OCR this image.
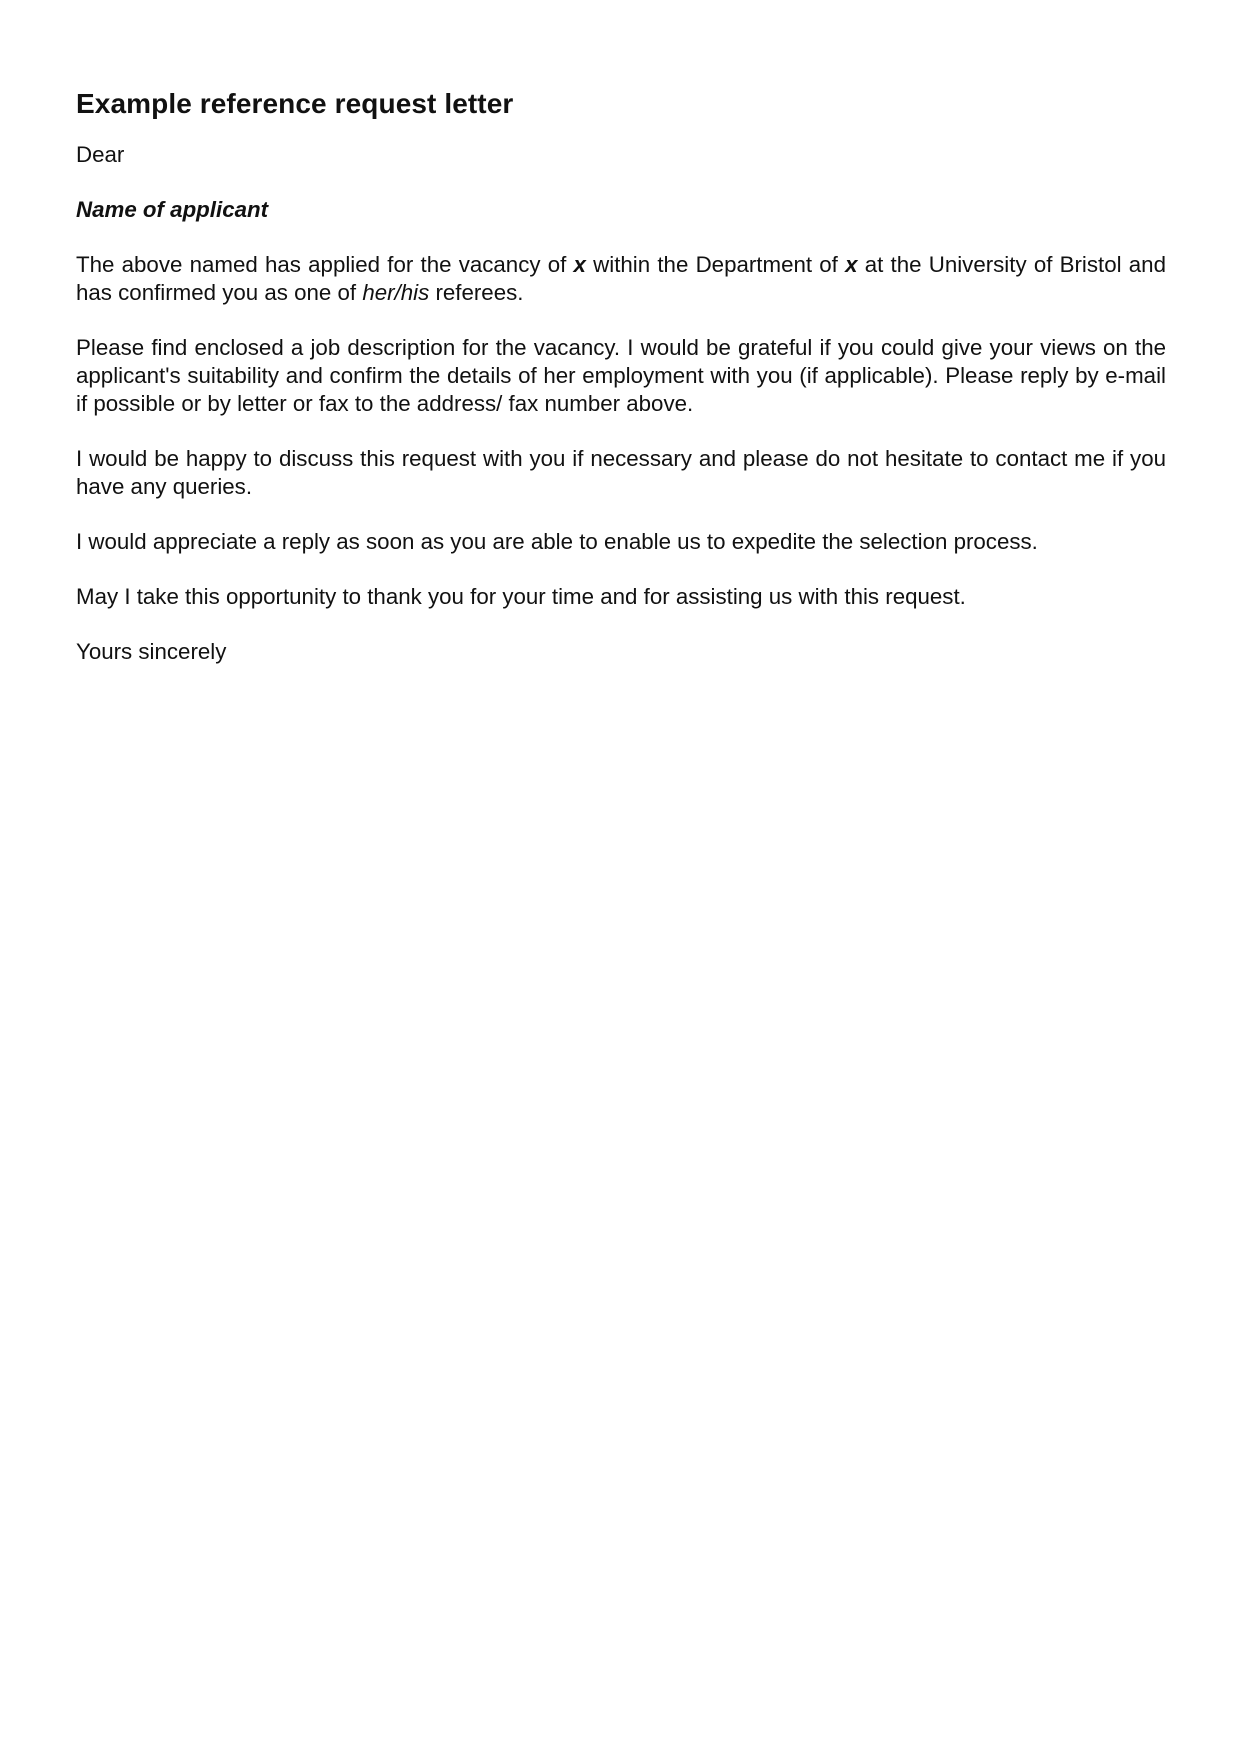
Example reference request letter

Dear

Name of applicant

The above named has applied for the vacancy of x within the Department of x at the University of Bristol and has confirmed you as one of her/his referees.

Please find enclosed a job description for the vacancy. I would be grateful if you could give your views on the applicant's suitability and confirm the details of her employment with you (if applicable). Please reply by e-mail if possible or by letter or fax to the address/ fax number above.

I would be happy to discuss this request with you if necessary and please do not hesitate to contact me if you have any queries.

I would appreciate a reply as soon as you are able to enable us to expedite the selection process.

May I take this opportunity to thank you for your time and for assisting us with this request.

Yours sincerely
